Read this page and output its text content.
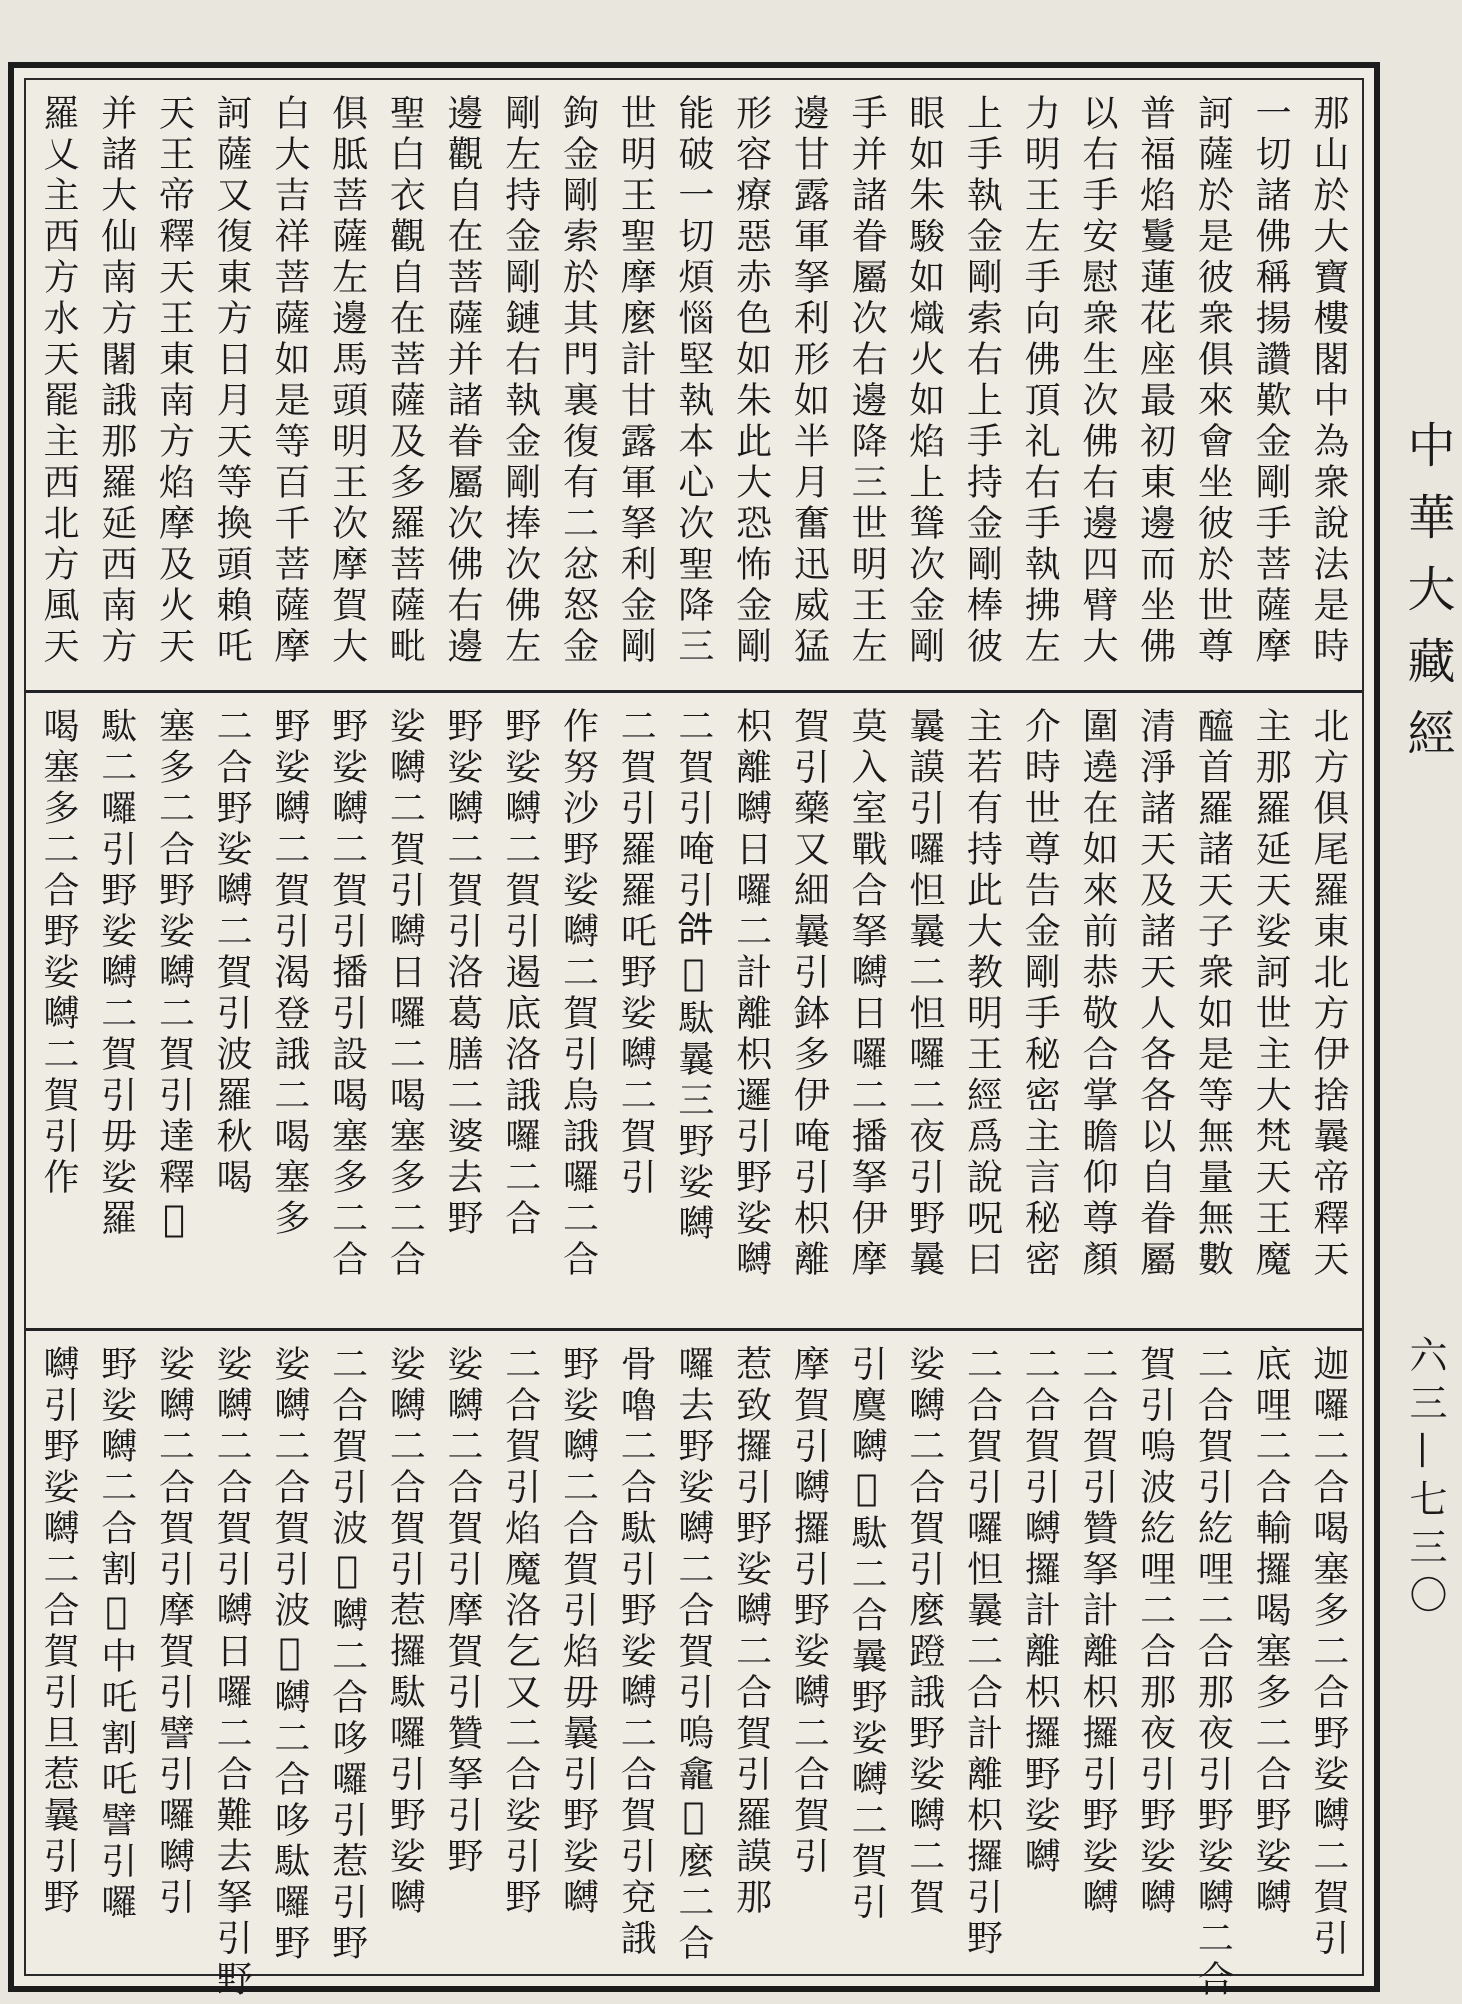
那山於大寶樓閣中為衆說法是時
一切諸佛稱揚讚歎金剛手菩薩摩
訶薩於是彼衆俱來會坐彼於世尊
普福焰鬘蓮花座最初東邊而坐佛
以右手安慰衆生次佛右邊四臂大
力明王左手向佛頂礼右手執拂左
上手執金剛索右上手持金剛棒彼
眼如朱駿如熾火如焰上聳次金剛
手并諸眷屬次右邊降三世明王左
邊甘露軍拏利形如半月奮迅威猛
形容療惡赤色如朱此大恐怖金剛
能破一切煩惱堅執本心次聖降三
世明王聖摩麼計甘露軍拏利金剛
鉤金剛索於其門裏復有二忿怒金
剛左持金剛鏈右執金剛捧次佛左
邊觀自在菩薩并諸眷屬次佛右邊
聖白衣觀自在菩薩及多羅菩薩毗
俱胝菩薩左邊馬頭明王次摩賀大
白大吉祥菩薩如是等百千菩薩摩
訶薩又復東方日月天等換頭賴吒
天王帝釋天王東南方焰摩及火天
并諸大仙南方闍誐那羅延西南方
羅乂主西方水天罷主西北方風天
北方俱尾羅東北方伊捨曩帝釋天
主那羅延天娑訶世主大梵天王魔
醯首羅諸天子衆如是等無量無數
清淨諸天及諸天人各各以自眷屬
圍遶在如來前恭敬合掌瞻仰尊顏
介時世尊告金剛手秘密主言秘密
主若有持此大教明王經爲說呪曰
曩謨引囉怛曩二怛囉二夜引野曩
莫入室戰合拏嚩日囉二播拏伊摩
賀引藥又細曩引鉢多伊唵引枳離
枳離嚩日囉二計離枳邏引野娑嚩
二賀引唵引𤙖𠺁駄曩三野娑嚩
二賀引羅羅吒野娑嚩二賀引
作努沙野娑嚩二賀引烏誐囉二合
野娑嚩二賀引遏底洛誐囉二合
野娑嚩二賀引洛葛膳二婆去野
娑嚩二賀引嚩日囉二喝塞多二合
野娑嚩二賀引播引設喝塞多二合
野娑嚩二賀引渴登誐二喝塞多
二合野娑嚩二賀引波羅秋喝
塞多二合野娑嚩二賀引達釋𠺁
駄二囉引野娑嚩二賀引毋娑羅
喝塞多二合野娑嚩二賀引作
迦囉二合喝塞多二合野娑嚩二賀引
底哩二合輸攞喝塞多二合野娑嚩
二合賀引紇哩二合那夜引野娑嚩二合
賀引嗚波紇哩二合那夜引野娑嚩
二合賀引贊拏計離枳攞引野娑嚩
二合賀引嚩攞計離枳攞野娑嚩
二合賀引囉怛曩二合計離枳攞引野
娑嚩二合賀引麼蹬誐野娑嚩二賀
引麌嚩𠺁駄二合曩野娑嚩二賀引
摩賀引嚩攞引野娑嚩二合賀引
惹致攞引野娑嚩二合賀引羅謨那
囉去野娑嚩二合賀引嗚龕𣵔麼二合
骨嚕二合駄引野娑嚩二合賀引兗誐
野娑嚩二合賀引焰毋曩引野娑嚩
二合賀引焰魔洛乞又二合娑引野
娑嚩二合賀引摩賀引贊拏引野
娑嚩二合賀引惹攞駄囉引野娑嚩
二合賀引波𠺁嚩二合哆囉引惹引野
娑嚩二合賀引波𠺁嚩二合哆駄囉野
娑嚩二合賀引嚩日囉二合難去拏引野
娑嚩二合賀引摩賀引譬引囉嚩引
野娑嚩二合割𠺁中吒割吒譬引囉
嚩引野娑嚩二合賀引旦惹曩引野
中華大藏經
六三—七三〇
